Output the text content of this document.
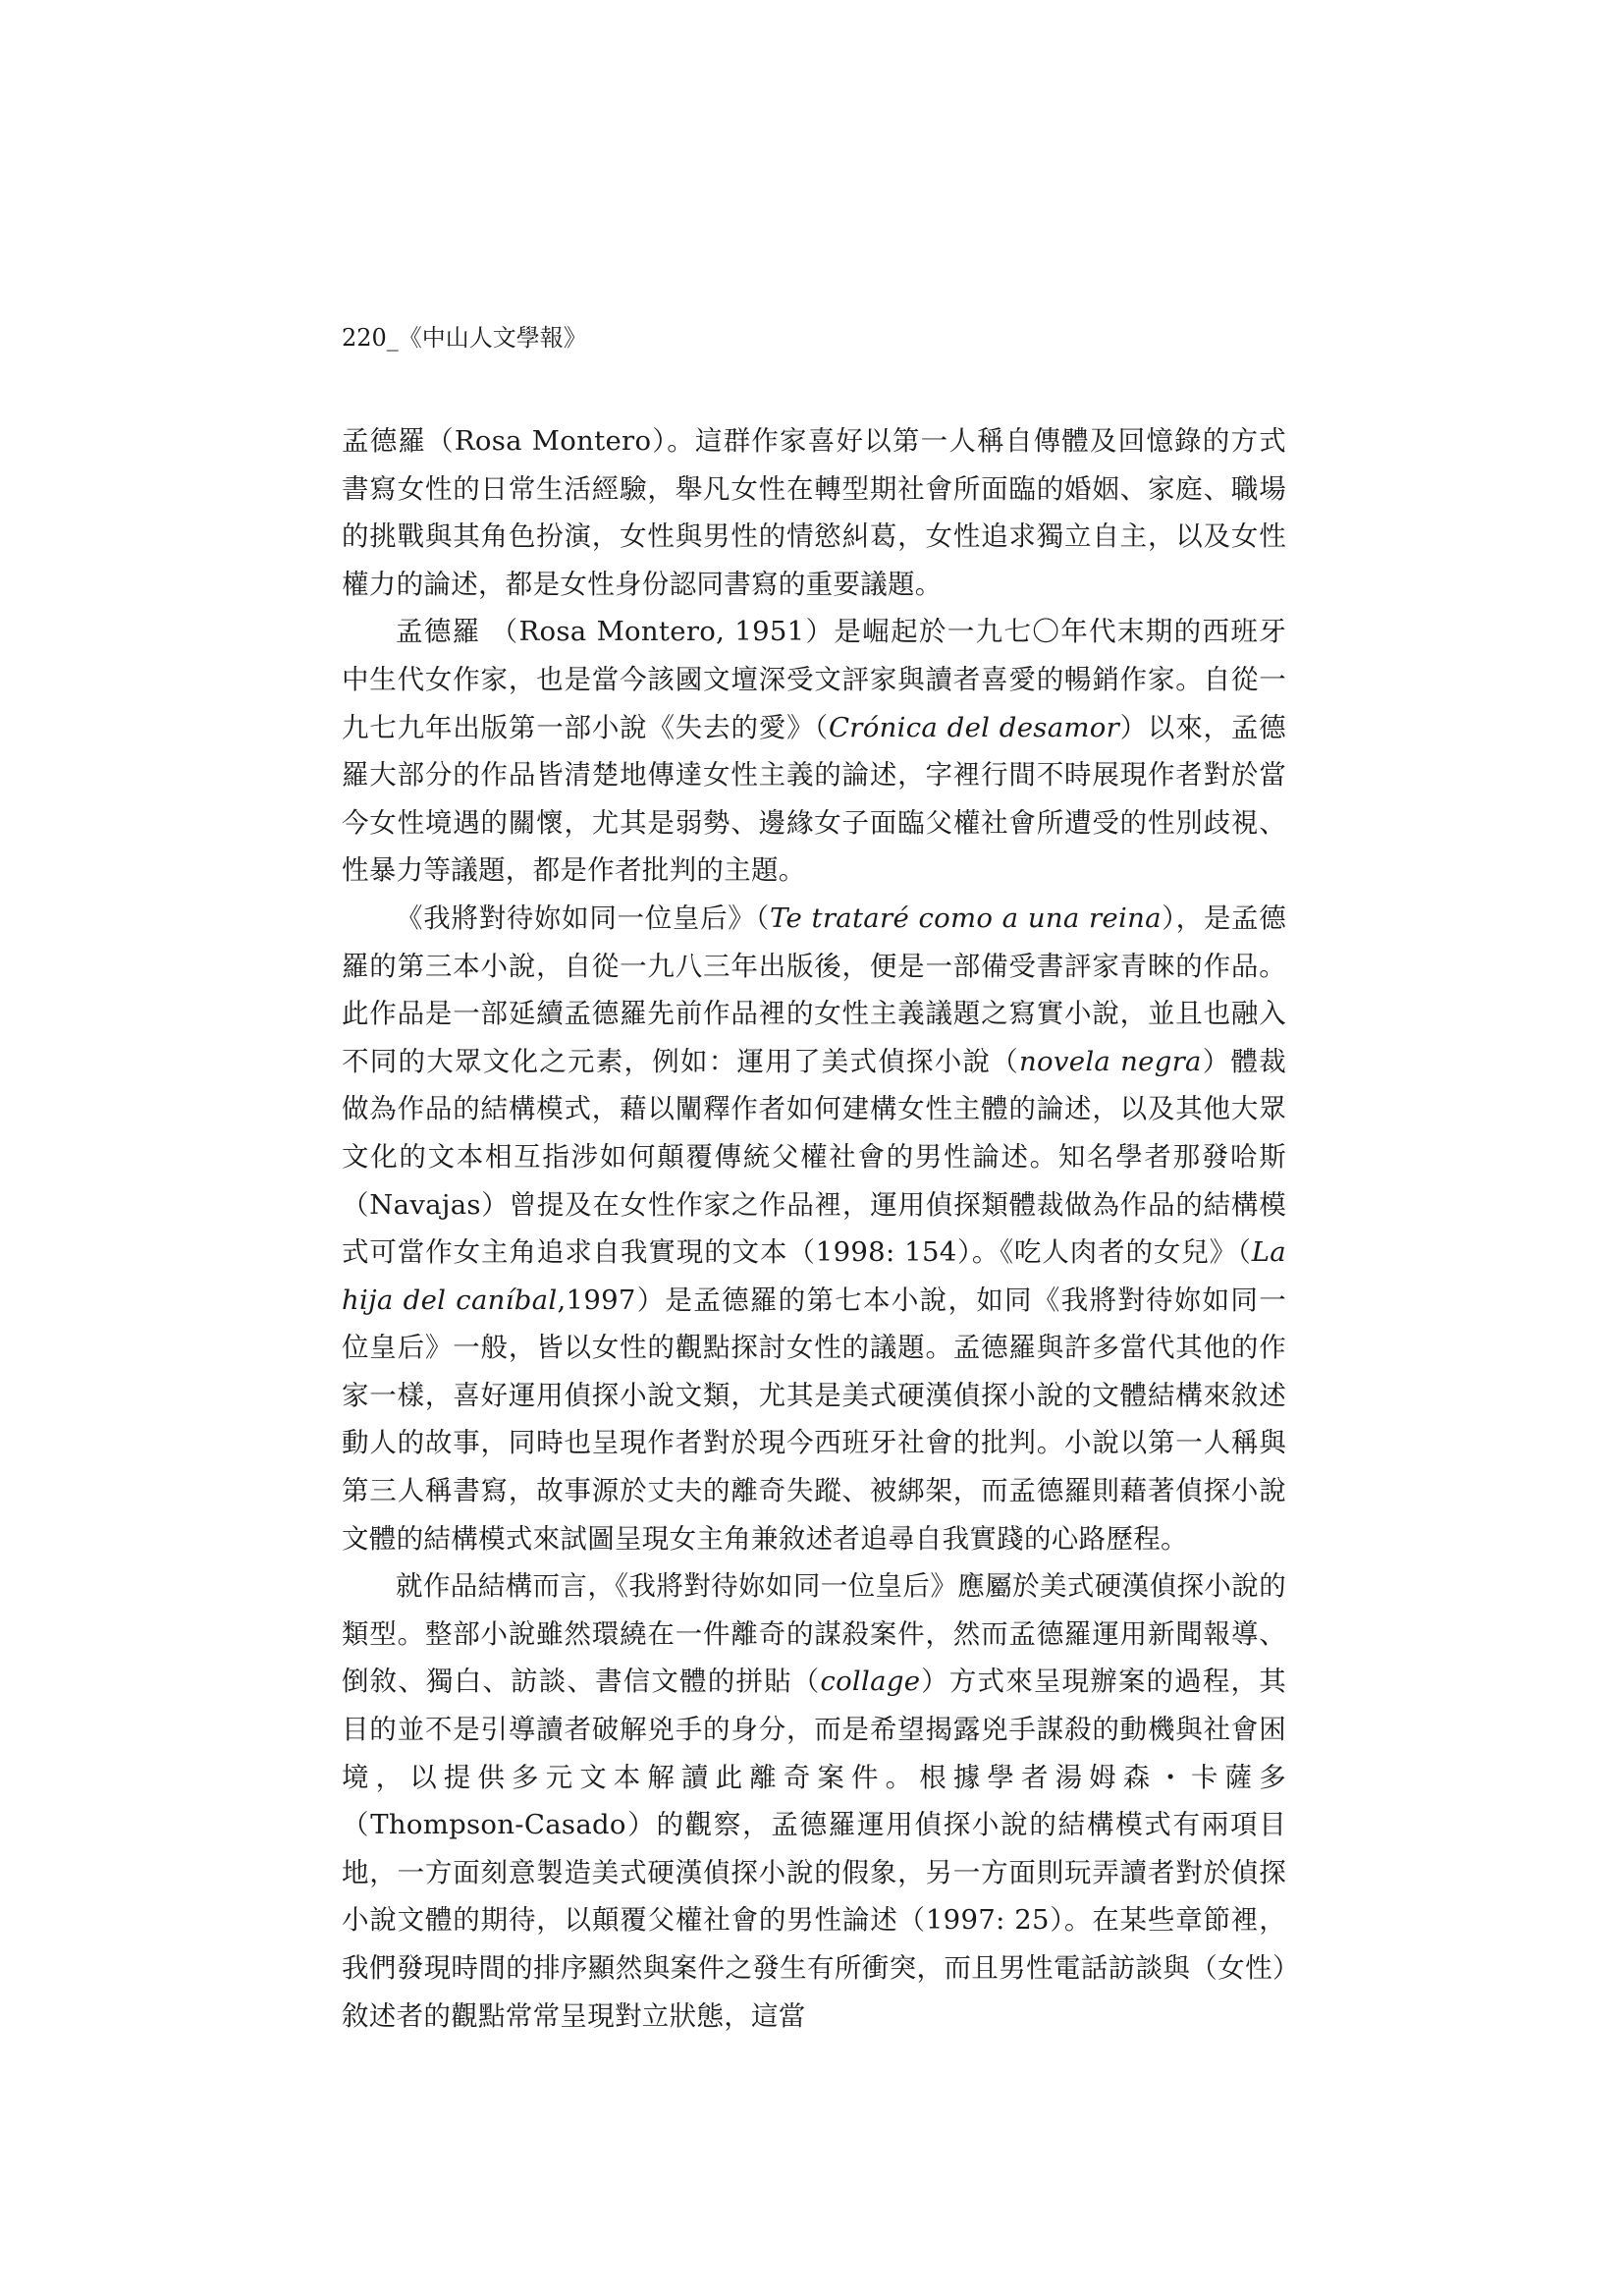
220_《中山人文學報》

孟德羅（Rosa Montero）。這群作家喜好以第一人稱自傳體及回憶錄的方式書寫女性的日常生活經驗，舉凡女性在轉型期社會所面臨的婚姻、家庭、職場的挑戰與其角色扮演，女性與男性的情慾糾葛，女性追求獨立自主，以及女性權力的論述，都是女性身份認同書寫的重要議題。

孟德羅 （Rosa Montero, 1951）是崛起於一九七〇年代末期的西班牙中生代女作家，也是當今該國文壇深受文評家與讀者喜愛的暢銷作家。自從一九七九年出版第一部小說《失去的愛》（Crónica del desamor）以來，孟德羅大部分的作品皆清楚地傳達女性主義的論述，字裡行間不時展現作者對於當今女性境遇的關懷，尤其是弱勢、邊緣女子面臨父權社會所遭受的性別歧視、性暴力等議題，都是作者批判的主題。

《我將對待妳如同一位皇后》（Te trataré como a una reina），是孟德羅的第三本小說，自從一九八三年出版後，便是一部備受書評家青睞的作品。此作品是一部延續孟德羅先前作品裡的女性主義議題之寫實小說，並且也融入不同的大眾文化之元素，例如：運用了美式偵探小說（novela negra）體裁做為作品的結構模式，藉以闡釋作者如何建構女性主體的論述，以及其他大眾文化的文本相互指涉如何顛覆傳統父權社會的男性論述。知名學者那發哈斯（Navajas）曾提及在女性作家之作品裡，運用偵探類體裁做為作品的結構模式可當作女主角追求自我實現的文本（1998: 154）。《吃人肉者的女兒》（La hija del caníbal,1997）是孟德羅的第七本小說，如同《我將對待妳如同一位皇后》一般，皆以女性的觀點探討女性的議題。孟德羅與許多當代其他的作家一樣，喜好運用偵探小說文類，尤其是美式硬漢偵探小說的文體結構來敘述動人的故事，同時也呈現作者對於現今西班牙社會的批判。小說以第一人稱與第三人稱書寫，故事源於丈夫的離奇失蹤、被綁架，而孟德羅則藉著偵探小說文體的結構模式來試圖呈現女主角兼敘述者追尋自我實踐的心路歷程。

就作品結構而言，《我將對待妳如同一位皇后》應屬於美式硬漢偵探小說的類型。整部小說雖然環繞在一件離奇的謀殺案件，然而孟德羅運用新聞報導、倒敘、獨白、訪談、書信文體的拼貼（collage）方式來呈現辦案的過程，其目的並不是引導讀者破解兇手的身分，而是希望揭露兇手謀殺的動機與社會困境，以提供多元文本解讀此離奇案件。根據學者湯姆森・卡薩多（Thompson-Casado）的觀察，孟德羅運用偵探小說的結構模式有兩項目地，一方面刻意製造美式硬漢偵探小說的假象，另一方面則玩弄讀者對於偵探小說文體的期待，以顛覆父權社會的男性論述（1997: 25）。在某些章節裡，我們發現時間的排序顯然與案件之發生有所衝突，而且男性電話訪談與（女性）敘述者的觀點常常呈現對立狀態，這當
